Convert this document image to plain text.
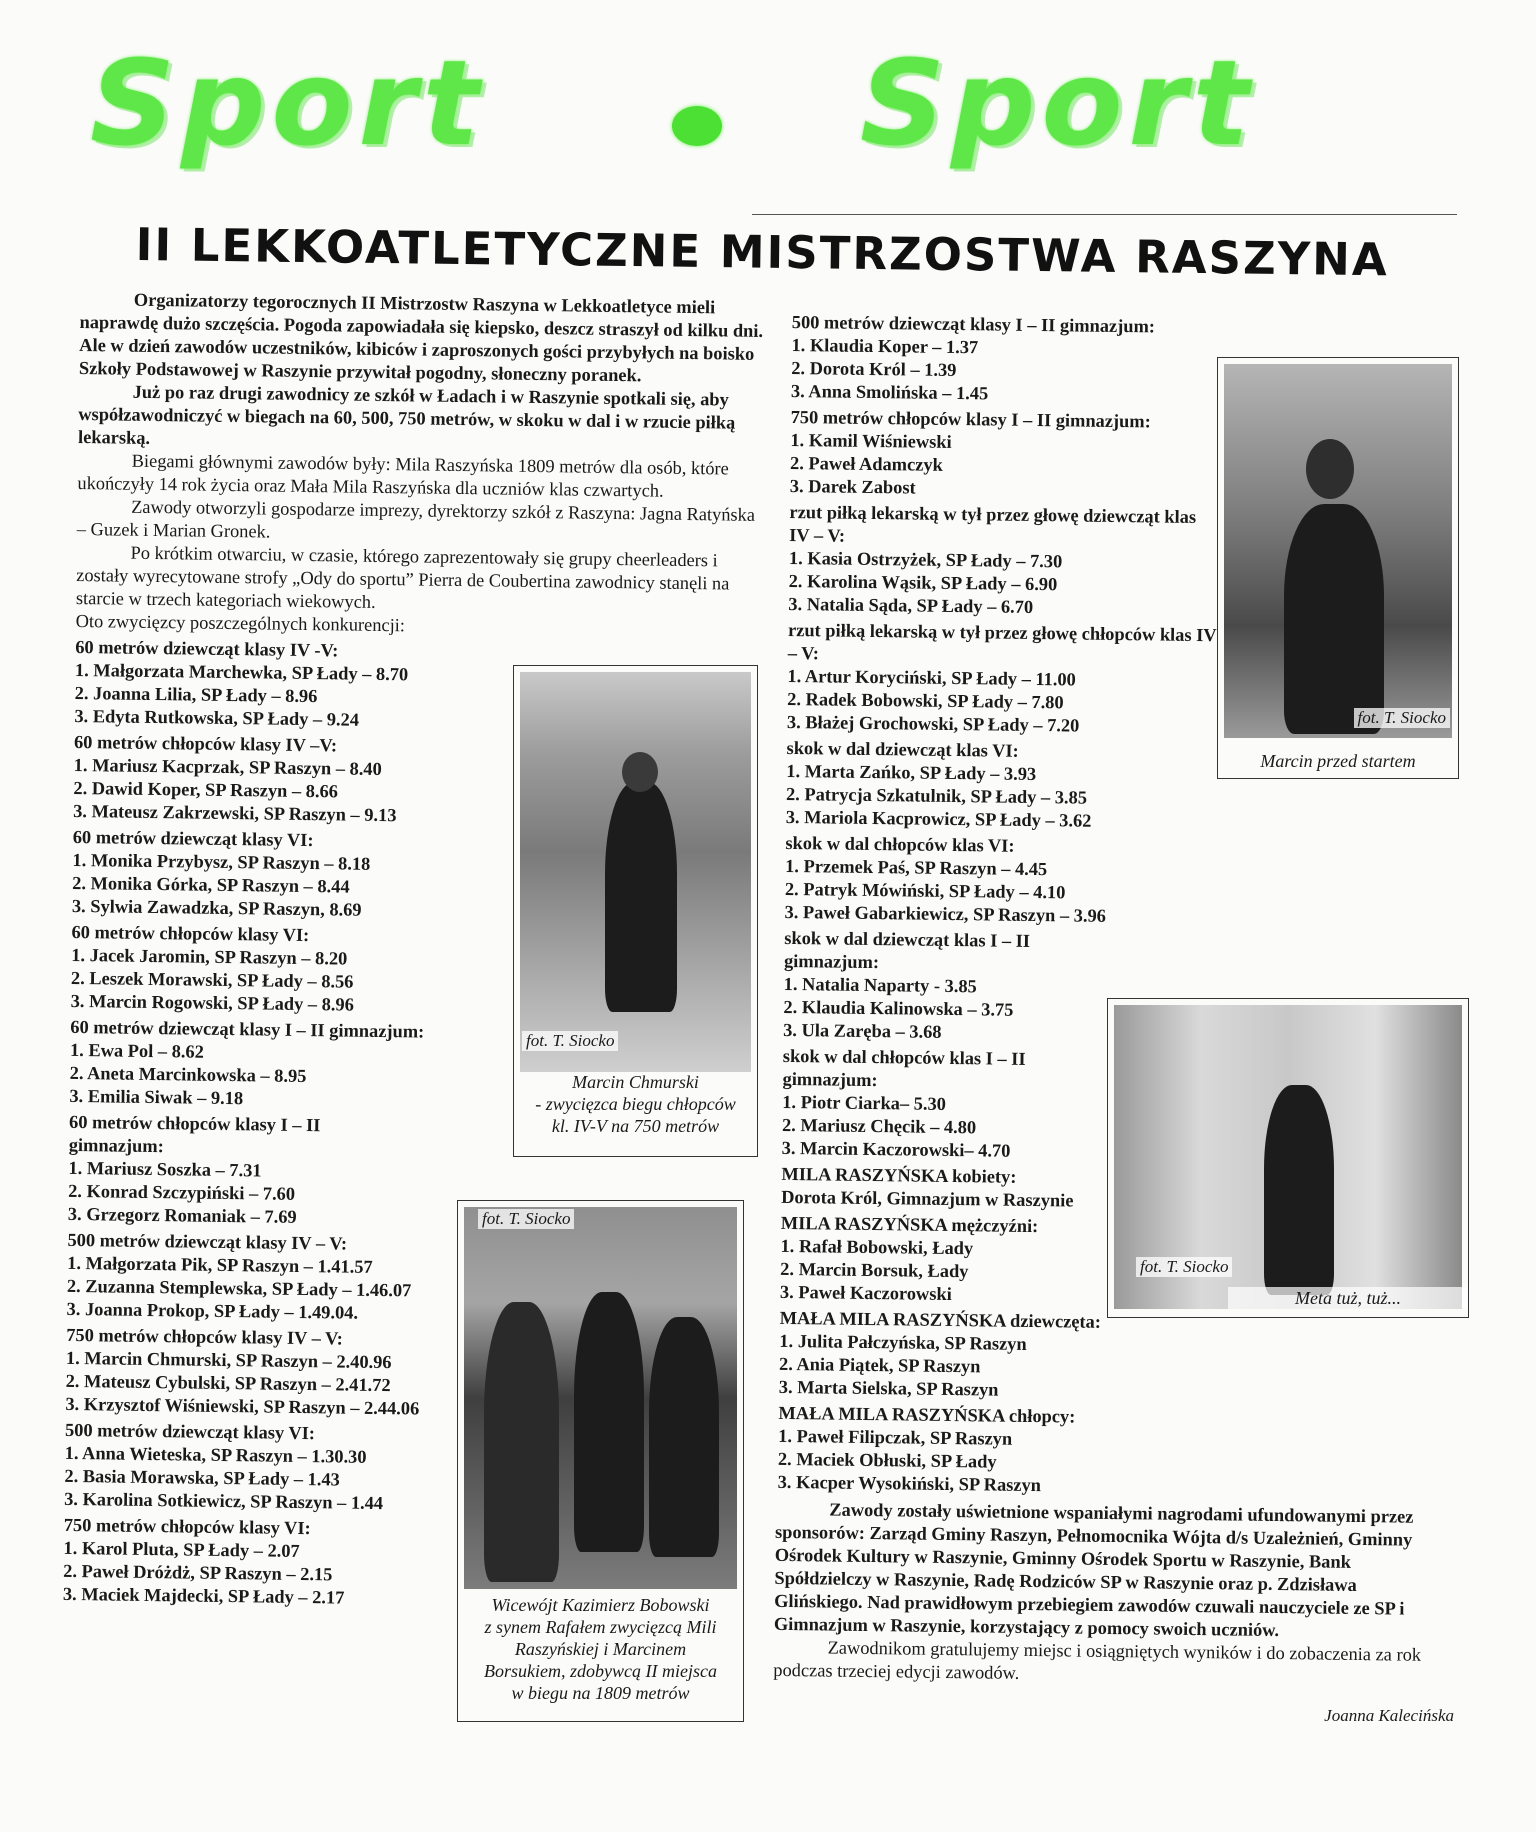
Sport	Sport
II LEKKOATLETYCZNE MISTRZOSTWA RASZYNA

Organizatorzy tegorocznych II Mistrzostw Raszyna w Lekkoatletyce mieli naprawdę dużo szczęścia. Pogoda zapowiadała się kiepsko, deszcz straszył od kilku dni. Ale w dzień zawodów uczestników, kibiców i zaproszonych gości przybyłych na boisko Szkoły Podstawowej w Raszynie przywitał pogodny, słoneczny poranek.

Już po raz drugi zawodnicy ze szkół w Ładach i w Raszynie spotkali się, aby współzawodniczyć w biegach na 60, 500, 750 metrów, w skoku w dal i w rzucie piłką lekarską.

Biegami głównymi zawodów były: Mila Raszyńska 1809 metrów dla osób, które ukończyły 14 rok życia oraz Mała Mila Raszyńska dla uczniów klas czwartych.

Zawody otworzyli gospodarze imprezy, dyrektorzy szkół z Raszyna: Jagna Ratyńska – Guzek i Marian Gronek.

Po krótkim otwarciu, w czasie, którego zaprezentowały się grupy cheerleaders i zostały wyrecytowane strofy „Ody do sportu” Pierra de Coubertina zawodnicy stanęli na starcie w trzech kategoriach wiekowych.

Oto zwycięzcy poszczególnych konkurencji:

60 metrów dziewcząt klasy IV -V:
1. Małgorzata Marchewka, SP Łady – 8.70
2. Joanna Lilia, SP Łady – 8.96
3. Edyta Rutkowska, SP Łady – 9.24
60 metrów chłopców klasy IV –V:
1. Mariusz Kacprzak, SP Raszyn – 8.40
2. Dawid Koper, SP Raszyn – 8.66
3. Mateusz Zakrzewski, SP Raszyn – 9.13
60 metrów dziewcząt klasy VI:
1. Monika Przybysz, SP Raszyn – 8.18
2. Monika Górka, SP Raszyn – 8.44
3. Sylwia Zawadzka, SP Raszyn, 8.69
60 metrów chłopców klasy VI:
1. Jacek Jaromin, SP Raszyn – 8.20
2. Leszek Morawski, SP Łady – 8.56
3. Marcin Rogowski, SP Łady – 8.96
60 metrów dziewcząt klasy I – II gimnazjum:
1. Ewa Pol – 8.62
2. Aneta Marcinkowska – 8.95
3. Emilia Siwak – 9.18
60 metrów chłopców klasy I – II gimnazjum:
1. Mariusz Soszka – 7.31
2. Konrad Szczypiński – 7.60
3. Grzegorz Romaniak – 7.69
500 metrów dziewcząt klasy IV – V:
1. Małgorzata Pik, SP Raszyn – 1.41.57
2. Zuzanna Stemplewska, SP Łady – 1.46.07
3. Joanna Prokop, SP Łady – 1.49.04.
750 metrów chłopców klasy IV – V:
1. Marcin Chmurski, SP Raszyn – 2.40.96
2. Mateusz Cybulski, SP Raszyn – 2.41.72
3. Krzysztof Wiśniewski, SP Raszyn – 2.44.06
500 metrów dziewcząt klasy VI:
1. Anna Wieteska, SP Raszyn – 1.30.30
2. Basia Morawska, SP Łady – 1.43
3. Karolina Sotkiewicz, SP Raszyn – 1.44
750 metrów chłopców klasy VI:
1. Karol Pluta, SP Łady – 2.07
2. Paweł Dróżdż, SP Raszyn – 2.15
3. Maciek Majdecki, SP Łady – 2.17
500 metrów dziewcząt klasy I – II gimnazjum:
1. Klaudia Koper – 1.37
2. Dorota Król – 1.39
3. Anna Smolińska – 1.45
750 metrów chłopców klasy I – II gimnazjum:
1. Kamil Wiśniewski
2. Paweł Adamczyk
3. Darek Zabost
rzut piłką lekarską w tył przez głowę dziewcząt klas IV – V:
1. Kasia Ostrzyżek, SP Łady – 7.30
2. Karolina Wąsik, SP Łady – 6.90
3. Natalia Sąda, SP Łady – 6.70
rzut piłką lekarską w tył przez głowę chłopców klas IV – V:
1. Artur Koryciński, SP Łady – 11.00
2. Radek Bobowski, SP Łady – 7.80
3. Błażej Grochowski, SP Łady – 7.20
skok w dal dziewcząt klas VI:
1. Marta Zańko, SP Łady – 3.93
2. Patrycja Szkatulnik, SP Łady – 3.85
3. Mariola Kacprowicz, SP Łady – 3.62
skok w dal chłopców klas VI:
1. Przemek Paś, SP Raszyn – 4.45
2. Patryk Mówiński, SP Łady – 4.10
3. Paweł Gabarkiewicz, SP Raszyn – 3.96
skok w dal dziewcząt klas I – II gimnazjum:
1. Natalia Naparty - 3.85
2. Klaudia Kalinowska – 3.75
3. Ula Zaręba – 3.68
skok w dal chłopców klas I – II gimnazjum:
1. Piotr Ciarka– 5.30
2. Mariusz Chęcik – 4.80
3. Marcin Kaczorowski– 4.70
MILA RASZYŃSKA kobiety:
Dorota Król, Gimnazjum w Raszynie
MILA RASZYŃSKA mężczyźni:
1. Rafał Bobowski, Łady
2. Marcin Borsuk, Łady
3. Paweł Kaczorowski
MAŁA MILA RASZYŃSKA dziewczęta:
1. Julita Pałczyńska, SP Raszyn
2. Ania Piątek, SP Raszyn
3. Marta Sielska, SP Raszyn
MAŁA MILA RASZYŃSKA chłopcy:
1. Paweł Filipczak, SP Raszyn
2. Maciek Obłuski, SP Łady
3. Kacper Wysokiński, SP Raszyn

Zawody zostały uświetnione wspaniałymi nagrodami ufundowanymi przez sponsorów: Zarząd Gminy Raszyn, Pełnomocnika Wójta d/s Uzależnień, Gminny Ośrodek Kultury w Raszynie, Gminny Ośrodek Sportu w Raszynie, Bank Spółdzielczy w Raszynie, Radę Rodziców SP w Raszynie oraz p. Zdzisława Glińskiego. Nad prawidłowym przebiegiem zawodów czuwali nauczyciele ze SP i Gimnazjum w Raszynie, korzystający z pomocy swoich uczniów.

Zawodnikom gratulujemy miejsc i osiągniętych wyników i do zobaczenia za rok podczas trzeciej edycji zawodów.

fot. T. Siocko
Marcin Chmurski
- zwycięzca biegu chłopców
kl. IV-V na 750 metrów
fot. T. Siocko
Marcin przed startem
fot. T. Siocko
Wicewójt Kazimierz Bobowski
z synem Rafałem zwycięzcą Mili
Raszyńskiej i Marcinem
Borsukiem, zdobywcą II miejsca
w biegu na 1809 metrów
fot. T. Siocko
Meta tuż, tuż...
Joanna Kalecińska
